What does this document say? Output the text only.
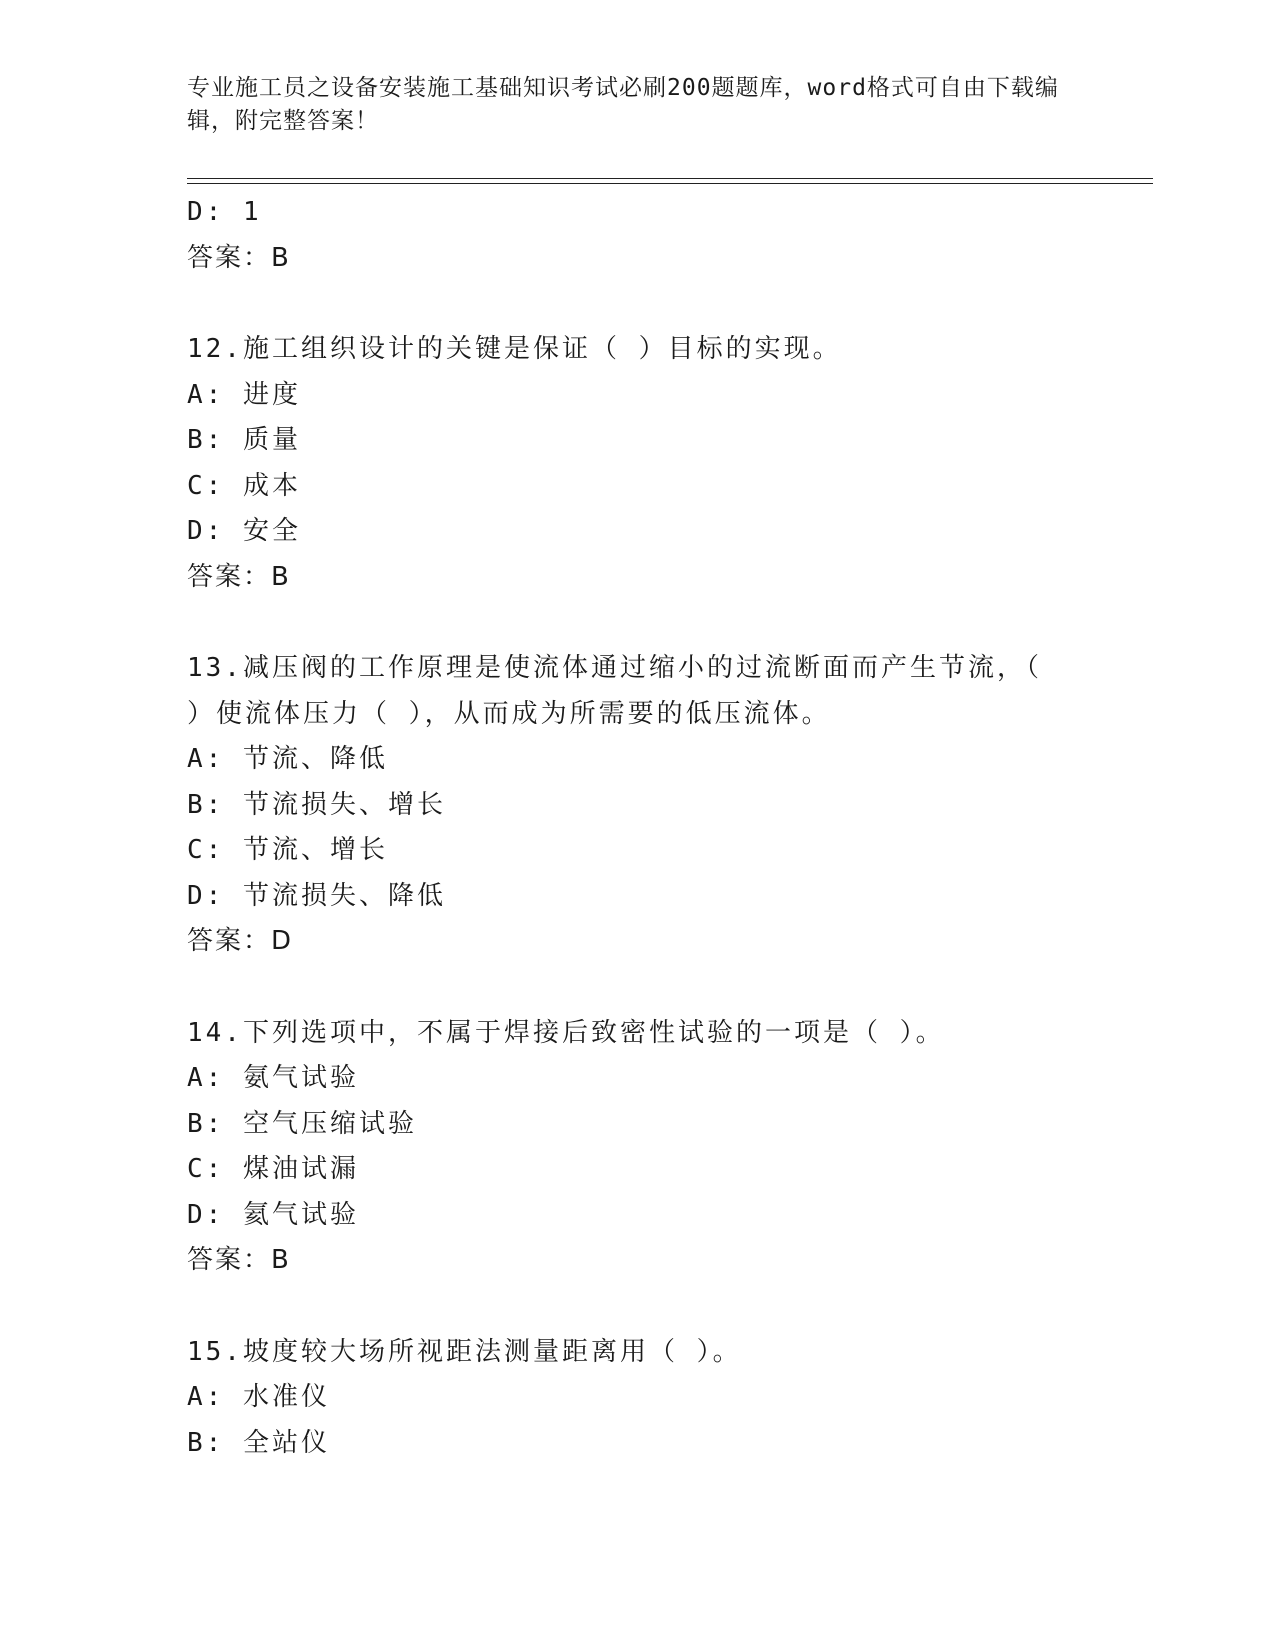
专业施工员之设备安装施工基础知识考试必刷200题题库，word格式可自由下载编辑，附完整答案！
D: 1
答案：B
12.施工组织设计的关键是保证（ ）目标的实现。
A: 进度
B: 质量
C: 成本
D: 安全
答案：B
13.减压阀的工作原理是使流体通过缩小的过流断面而产生节流，（ ）使流体压力（ ），从而成为所需要的低压流体。
A: 节流、降低
B: 节流损失、增长
C: 节流、增长
D: 节流损失、降低
答案：D
14.下列选项中，不属于焊接后致密性试验的一项是（ ）。
A: 氨气试验
B: 空气压缩试验
C: 煤油试漏
D: 氦气试验
答案：B
15.坡度较大场所视距法测量距离用（ ）。
A: 水准仪
B: 全站仪
